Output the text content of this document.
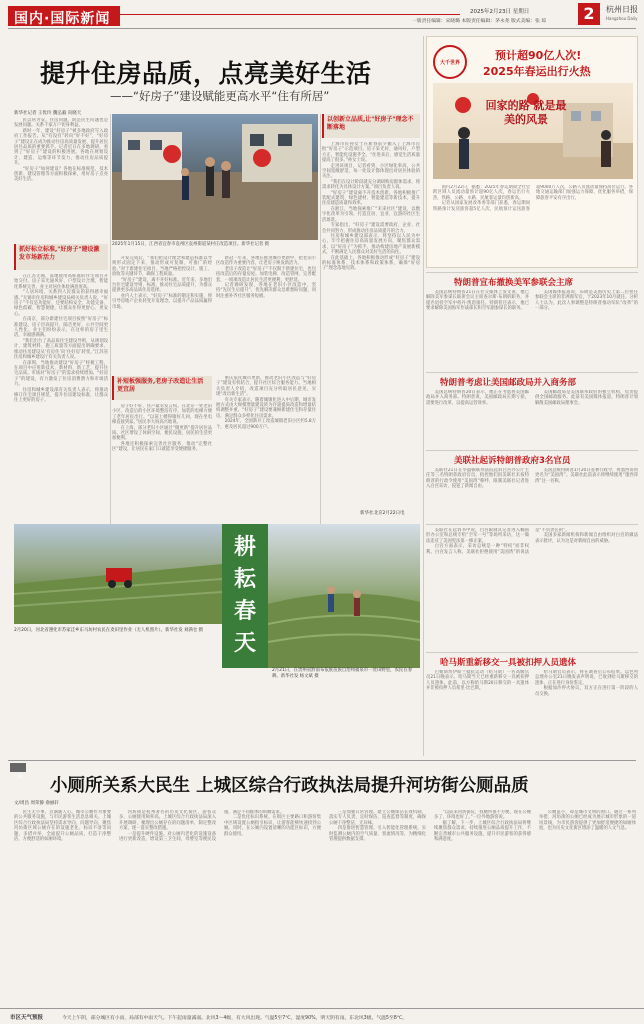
国内·国际新闻	2025年2月23日 星期日
一版责任编辑：宋晓璐 本版责任编辑：茅永尧 版式美编：张 琼	2	杭州日报
Hangzhou Daily
提升住房品质，点亮美好生活
——“好房子”建设赋能更高水平“住有所居”
新华社记者 王优玲 魏弘毅 向晓天

民以居为安。住房问题，既是民生问题也是发展问题。关系千家万户切身利益。

新时一年，建设“好房子”被多地政府写入政府工作报告。从“有没有”转向“好不好”，“好房子”建设正在成为推动住房高质量发展、提升居民居住品质的重要抓手。记者近日在多地调研，看到了“好房子”建设的积极进展。各地在规划设计、建造、运维等环节发力，推动住房品质提升。

“好房子”如何建设？各地在标准规范、技术创新、建设管理等方面积极探索，用好房子点亮美好生活。

抓好标立标准,"好房子"建设激发市场新活力

在江苏无锡，落地使用高标准的住宅项目开始交付。房子采光通风好、户型设计合理，智能化系统完善，业主对居住体验满意度高。

“人居环境，关系到人民群众的获得感幸福感。”无锡市住房和城乡建设局相关负责人说，“好房子”不仅是功能好，还要结构安全、功能完备、绿色低碳、智慧便捷，让群众住得更舒心、更安心。

在南京，部分新建住宅项目按照“好房子”标准建设。房子层高提升、隔音更好，公共空间更人性化。业主们纷纷表示，在这样的房子里生活，幸福感满满。

“我们出台了高品质住宅建设导则，从规划设计、建筑材料、施工质量等方面提出明确要求，推动住房建设从‘有房住’向‘住好房’转变。”江苏省住房和城乡建设厅有关负责人说。

在深圳，当地推动建设“好房子”样板工程，在项目中应用新技术、新材料、新工艺，提升住宅品质。市场对“好房子”的需求持续增加。“好房子”的建设，有力激发了住房消费潜力和市场活力。

住房和城乡建设部有关负责人表示，将推动修订住宅项目规范，提升住房建设标准，让群众住上更好的房子。

2025年1月15日，江西省宜春市袁州区袁州街道某村庄改造项目。新华社记者 摄

开发完成后，“我们把设计理念和建造标准以导则形式固定下来，推动形成可复制、可推广的经验。”对于新建住宅项目，当地严格把控设计、施工、验收等关键环节，确保工程质量。

“好房子”建设，离不开好标准。近年来，多地出台住宅建设导则、标准，推动住宅品质提升，为群众提供更多高品质住房选择。

业内人士表示，“好房子”标准的制定和实施，将引导房地产企业转变开发理念，以提升产品品质赢得市场。

新冠一年来，各地在推进城市更新中，把老旧小区改造作为重要内容，让老房子焕发新活力。

老房子改造让“好房子”不仅限于新建住宅，也包括改造后的存量房屋。加装电梯、改造管网、完善配套，一项项改造让居民生活更便利、更舒适。

记者调研发现，各地在老旧小区改造中，坚持“先民生后提升”，优先解决群众急难愁盼问题，同时注重补齐社区服务短板。

补短板强服务,老房子改造让生活更宜居

房子好不好，住户最有发言权。在北京一处老旧小区，改造后的小区环境整洁有序，加装的电梯方便了老年居民出行。“以前上楼得歇好几回，现在坐电梯直接到家。”居民李大妈高兴地说。

在上海，部分老旧小区通过“微更新”提升居住品质。社区增设了休闲空间、便民设施，居民的生活更加便利。

各地还积极探索完善社区服务，推动“完整社区”建设，让居民在家门口就能享受便捷服务。

重庆依托城市更新，推动老旧小区改造与“好房子”建设有机结合，提升社区综合服务能力。当地相关负责人介绍，改造项目充分听取居民意见，实现“改出新生活”。

有关专家表示，随着城镇化进入中后期，城市发展方式由大规模增量建设转为存量提质改造和增量结构调整并重。“好房子”建设要兼顾新建住宅和存量住房，满足群众多样化住房需求。

2024年，全国新开工改造城镇老旧小区约5.8万个，惠及居民超过900万户。

以创新立品质,让"好房子"理念不断落地

上海市民孙女士在新春前夕搬入了上海市首批“好房子”示范项目。房子采光好、通风好，户型方正，智能化设施齐全。“住进来后，感觉生活质量提高了很多。”孙女士说。

走进该项目，记者看到，小区绿化率高，公共空间宽敞舒适，每一处设计都体现出对居住体验的关注。

“我们在设计阶段就充分调研购房群体需求，将需求转化为具体设计方案。”项目负责人说。

“好房子”建设离不开技术创新。各地积极推广装配式建筑、绿色建材、智能建造等新技术，提升住房建造质量和效率。

在浙江，当地探索推广“未来社区”建设，以数字化改革为引领，打造宜居、宜业、宜游的社区生活场景。

专家指出，“好房子”建设需要政府、企业、社会共同努力，形成推动住房品质提升的合力。

住房和城乡建设部表示，将坚持以人民为中心，牢牢把握住房高质量发展方向，聚焦群众需求，以“好房子”为抓手，推动构建房地产发展新模式，不断满足人民群众对美好生活的向往。

在此基础上，各地积极推动形成“好房子”建设的标准体系、技术体系和政策体系，确保“好房子”理念落地见效。

新华社北京2月22日电
大千世界
预计超90亿人次!
2025年春运出行火热
回家的路 就是最美的风景

国内2月22日，据悉：2025年春运期间全社会跨区域人员流动量预计超90亿人次，春运出行火热，铁路、公路、水路、民航客运量均创新高。

记者从国家发展改革委等部门获悉，春运期间铁路预计发送旅客超5亿人次，民航预计运送旅客超9000万人次，公路人员流动量保持高位运行。各地交通运输部门加强运力保障，优化服务举措，保障旅客平安有序出行。

特朗普宣布撤换美军参联会主席

美国总统特朗普21日在社交媒体上发文说，他已解除美军参谋长联席会议主席查尔斯·布朗的职务，并提名退役空军中将丹·凯恩接任。特朗普还表示，他已要求解除美国海军作战部长和空军副参谋长的职务。

美国媒体报道说，布朗是美国历史上第二位担任参联会主席的非洲裔军官，于2023年10月就任。分析人士认为，此次人事调整是特朗普推动军队“改革”的一部分。

特朗普考虑让美国邮政局并入商务部

美国总统特朗普20日表示，他正在考虑将美国邮政局并入商务部。特朗普说，美国邮政局长期亏损，需要进行改革，以提高运营效率。

美国邮政局是美国联邦政府的独立机构，负责提供全国邮政服务。此前有美国媒体报道，特朗普计划解散美国邮政局理事会。

美联社起诉特朗普政府3名官员

美联社21日在华盛顿联邦法院起诉白宫办公厅主任等三名特朗普政府官员，指控他们因美联社未按特朗普的行政令使用“美国湾”称呼，限制美联社记者进入白宫采访，侵犯了新闻自由。

美国总统特朗普1月20日签署行政令，将墨西哥湾更名为“美国湾”。美联社此前表示将继续使用“墨西哥湾”这一名称。

耕
耘
春
天
2月20日，河北省遵化市苏家洼乡东马坊村农民在麦田里作业（无人机照片）。新华社发 刘满仓 摄
2月21日，在贵州省黔南布依族苗族自治州福泉市一处田野里，农民在春耕。新华社发 杨文斌 摄

美联社在起诉书中说，白宫限制其记者进入椭圆形办公室和总统专机“空军一号”等场所采访，这一做法违反了美国宪法第一修正案。

白宫方面表示，采访总统是一种“特权”而非权利。白宫发言人称，美联社拒绝使用“美国湾”的说法是“不负责任的”。

美国多家新闻机构和新闻自由组织对白宫的做法表示批评，认为这是对新闻自由的威胁。

哈马斯重新移交一具被扣押人员遗体

巴勒斯坦伊斯兰抵抗运动（哈马斯）一名高级官员21日晚表示，哈马斯当天已经重新移交一具被扣押人员遗体。此前，以方称哈马斯20日移交的一具遗体并非被扣押人员希里·比巴斯。

哈马斯官员表示，将在调查后公布结果。以色列总理办公室21日晚发表声明说，已收到哈马斯移交的遗体，正在进行身份鉴定。

根据加沙停火协议，双方正在进行第一阶段的人员交换。

一版 小厕所关系大民生 上城区综合行政执法局提升河坊街公厕品质
文/周昌 周荣静 俞丽轩

民生无小事，点滴暖人心。城市公厕作为重要的公共服务设施，与市民游客生活息息相关。上城区综合行政执法局坚持需求导向、问题导向，聚焦河坊街区域公厕存在的设施老化、标识不清等问题，多措并举，全面提升公厕品质，打造干净整洁、方便舒适的如厕环境。

河坊街是杭州著名的历史文化街区，游客众多，公厕使用频率高。上城区综合行政执法局深入开展调研，梳理出公厕存在的问题清单，制定整改方案，逐一落实整改措施。

一是提升硬件设施。对公厕内老化的设施设备进行更新改造，增设第三卫生间、母婴室等便民设施，满足不同群体的如厕需求。

二是优化标识系统。在街区主要路口和游客集中区域设置公厕指引标识，让游客能够快速找到公厕。同时，在公厕内设置清晰的功能区标识，方便群众使用。

三是加强日常管理。建立公厕保洁长效机制，落实专人负责、定时保洁、巡查监督等制度，确保公厕干净整洁、无异味。

四是推进智慧管理。引入智能化管理系统，实时监测公厕内的空气质量、客流情况等，为精细化管理提供数据支撑。

“以前来河坊街玩，找厕所很不方便，现在公厕多了，环境也好了。”一位外地游客说。

据了解，下一步，上城区综合行政执法局将继续聚焦群众需求，持续推进公厕品质提升工作，不断完善城市公共服务设施，提升市民游客的获得感和满意度。

公厕虽小，却是城市文明的窗口。通过一系列举措，河坊街的公厕已经成为展示城市形象的一道风景线，为市民游客提供了更加舒适便捷的如厕体验，也为历史文化街区增添了温暖的人文气息。

市区天气预报	今天上午阴，部分城区有小雨，局部有中雨天气。下午起雨量减弱。北风3～4级，有大风出现。气温5至7℃，湿度90%，明天阴有雨。东北风3级。气温5至8℃。
